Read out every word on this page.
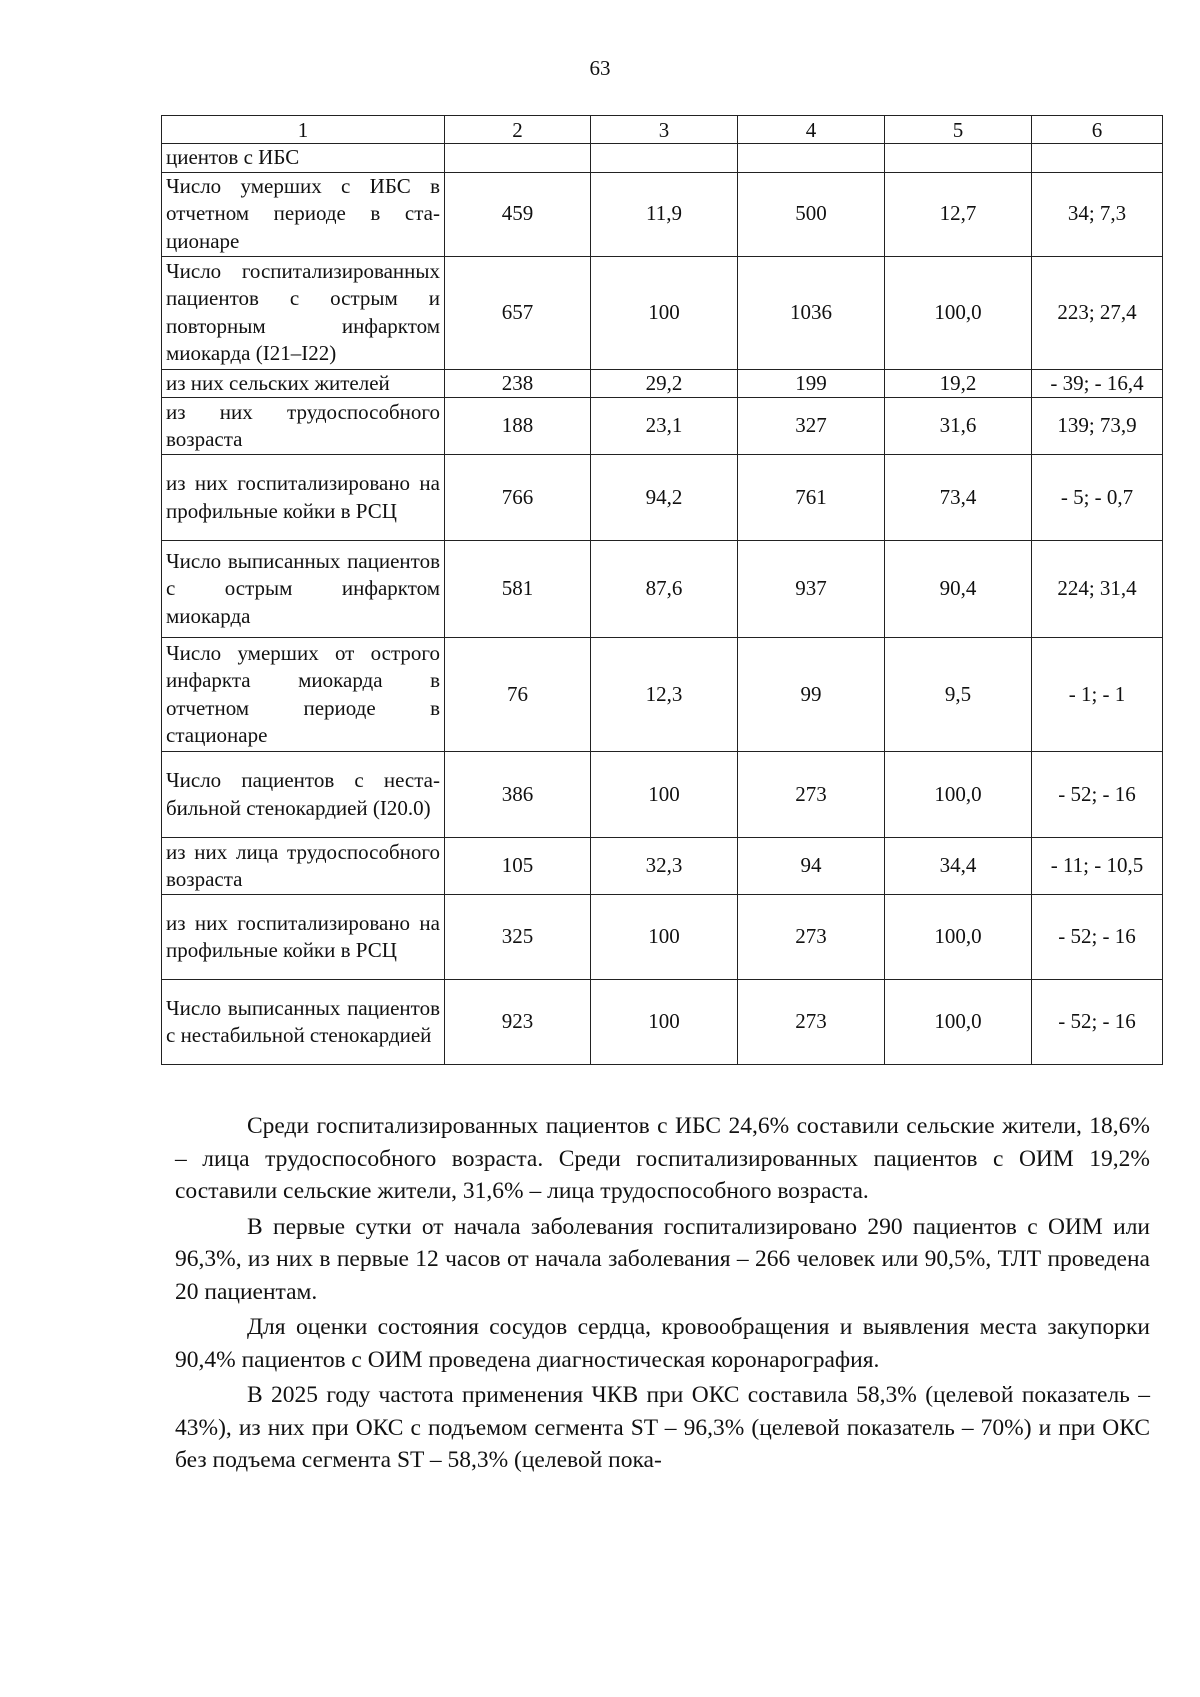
63
1	2	3	4	5	6
циентов с ИБС					
Число умерших с ИБС в отчетном периоде в стационаре	459	11,9	500	12,7	34; 7,3
Число госпитализированных пациентов с острым и повторным инфарктом миокарда (I21–I22)	657	100	1036	100,0	223; 27,4
из них сельских жителей	238	29,2	199	19,2	- 39; - 16,4
из них трудоспособного возраста	188	23,1	327	31,6	139; 73,9
из них госпитализировано на профильные койки в РСЦ	766	94,2	761	73,4	- 5; - 0,7
Число выписанных пациентов с острым инфарктом миокарда	581	87,6	937	90,4	224; 31,4
Число умерших от острого инфаркта миокарда в отчетном периоде в стационаре	76	12,3	99	9,5	- 1; - 1
Число пациентов с нестабильной стенокардией (I20.0)	386	100	273	100,0	- 52; - 16
из них лица трудоспособного возраста	105	32,3	94	34,4	- 11; - 10,5
из них госпитализировано на профильные койки в РСЦ	325	100	273	100,0	- 52; - 16
Число выписанных пациентов с нестабильной стенокардией	923	100	273	100,0	- 52; - 16

Среди госпитализированных пациентов с ИБС 24,6% составили сельские жители, 18,6% – лица трудоспособного возраста. Среди госпитализированных пациентов с ОИМ 19,2% составили сельские жители, 31,6% – лица трудоспособного возраста.

В первые сутки от начала заболевания госпитализировано 290 пациентов с ОИМ или 96,3%, из них в первые 12 часов от начала заболевания – 266 человек или 90,5%, ТЛТ проведена 20 пациентам.

Для оценки состояния сосудов сердца, кровообращения и выявления места закупорки 90,4% пациентов с ОИМ проведена диагностическая коронарография.

В 2025 году частота применения ЧКВ при ОКС составила 58,3% (целевой показатель – 43%), из них при ОКС с подъемом сегмента ST – 96,3% (целевой показатель – 70%) и при ОКС без подъема сегмента ST – 58,3% (целевой пока-
